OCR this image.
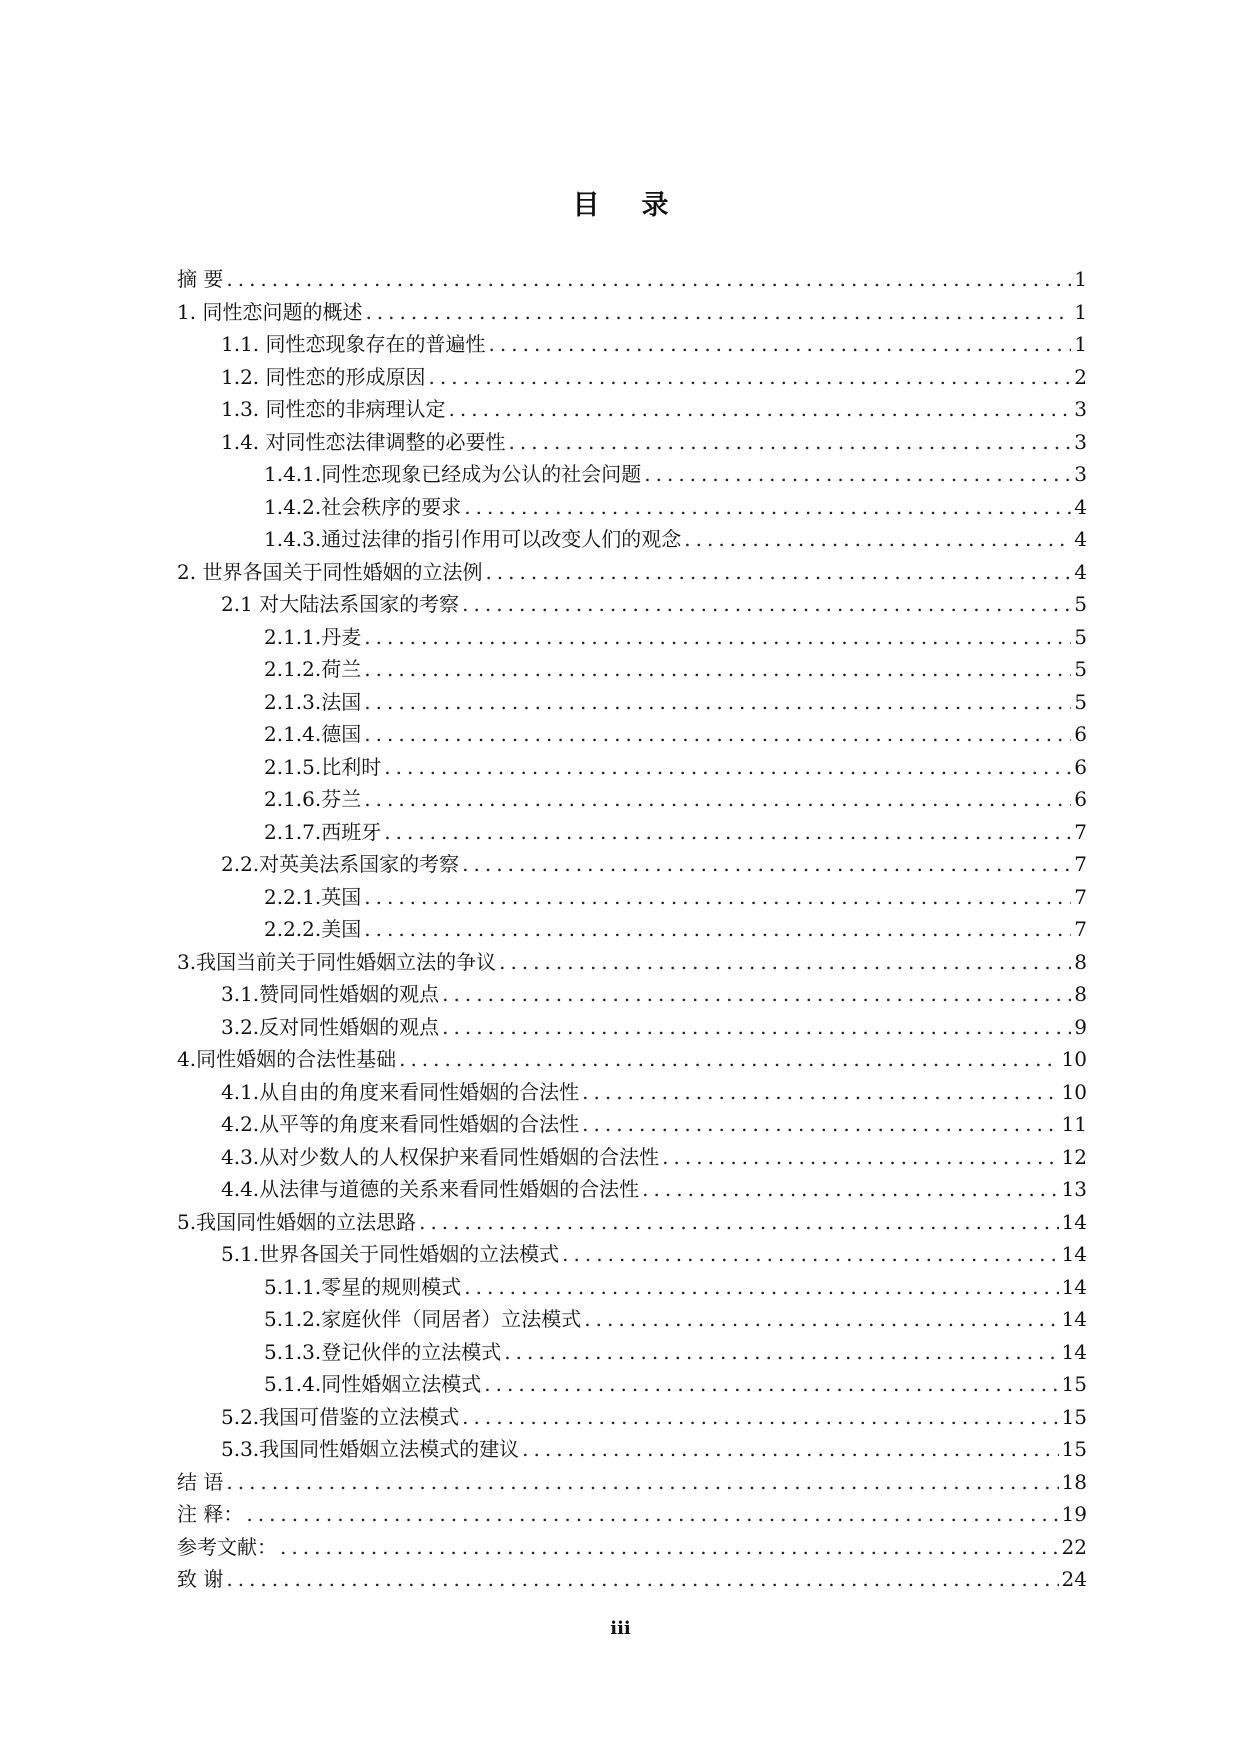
目录
摘 要 .....	1
1. 同性恋问题的概述 .....	1
1.1. 同性恋现象存在的普遍性 .....	1
1.2. 同性恋的形成原因 .....	2
1.3. 同性恋的非病理认定 .....	3
1.4. 对同性恋法律调整的必要性 .....	3
1.4.1.同性恋现象已经成为公认的社会问题 .....	3
1.4.2.社会秩序的要求 .....	4
1.4.3.通过法律的指引作用可以改变人们的观念 .....	4
2. 世界各国关于同性婚姻的立法例 .....	4
2.1 对大陆法系国家的考察 .....	5
2.1.1.丹麦 .....	5
2.1.2.荷兰 .....	5
2.1.3.法国 .....	5
2.1.4.德国 .....	6
2.1.5.比利时 .....	6
2.1.6.芬兰 .....	6
2.1.7.西班牙 .....	7
2.2.对英美法系国家的考察 .....	7
2.2.1.英国 .....	7
2.2.2.美国 .....	7
3.我国当前关于同性婚姻立法的争议 .....	8
3.1.赞同同性婚姻的观点 .....	8
3.2.反对同性婚姻的观点 .....	9
4.同性婚姻的合法性基础 .....	10
4.1.从自由的角度来看同性婚姻的合法性 .....	10
4.2.从平等的角度来看同性婚姻的合法性 .....	11
4.3.从对少数人的人权保护来看同性婚姻的合法性 .....	12
4.4.从法律与道德的关系来看同性婚姻的合法性 .....	13
5.我国同性婚姻的立法思路 .....	14
5.1.世界各国关于同性婚姻的立法模式 .....	14
5.1.1.零星的规则模式 .....	14
5.1.2.家庭伙伴（同居者）立法模式 .....	14
5.1.3.登记伙伴的立法模式 .....	14
5.1.4.同性婚姻立法模式 .....	15
5.2.我国可借鉴的立法模式 .....	15
5.3.我国同性婚姻立法模式的建议 .....	15
结 语 .....	18
注 释： .....	19
参考文献： .....	22
致 谢 .....	24
iii
